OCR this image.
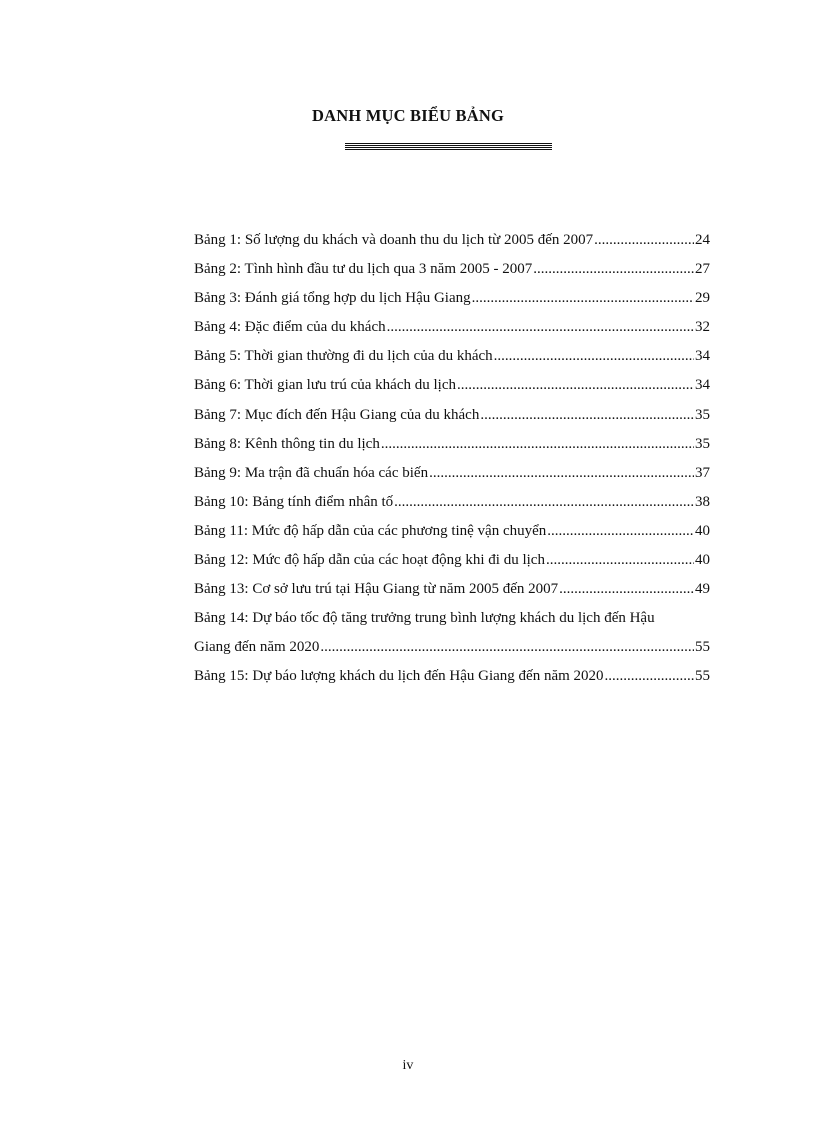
DANH MỤC BIỂU BẢNG
Bảng 1: Số lượng du khách và doanh thu du lịch từ 2005 đến 2007 .....	24
Bảng 2: Tình hình đầu tư du lịch qua 3 năm 2005 - 2007 .....	27
Bảng 3: Đánh giá tổng hợp du lịch Hậu Giang .....	29
Bảng 4: Đặc điểm của du khách .....	32
Bảng 5: Thời gian thường đi du lịch của du khách .....	34
Bảng 6: Thời gian lưu trú của khách du lịch .....	34
Bảng 7: Mục đích đến Hậu Giang của du khách .....	35
Bảng 8: Kênh thông tin du lịch .....	35
Bảng 9: Ma trận đã chuẩn hóa các biến .....	37
Bảng 10: Bảng tính điểm nhân tố .....	38
Bảng 11: Mức độ hấp dẫn của các phương tinệ vận chuyển .....	40
Bảng 12: Mức độ hấp dẫn của các hoạt động khi đi du lịch .....	40
Bảng 13: Cơ sở lưu trú tại Hậu Giang từ năm 2005 đến 2007 .....	49
Bảng 14: Dự báo tốc độ tăng trưởng trung bình lượng khách du lịch đến Hậu
Giang đến năm 2020 .....	55
Bảng 15: Dự báo lượng khách du lịch đến Hậu Giang đến năm 2020 .....	55
iv
